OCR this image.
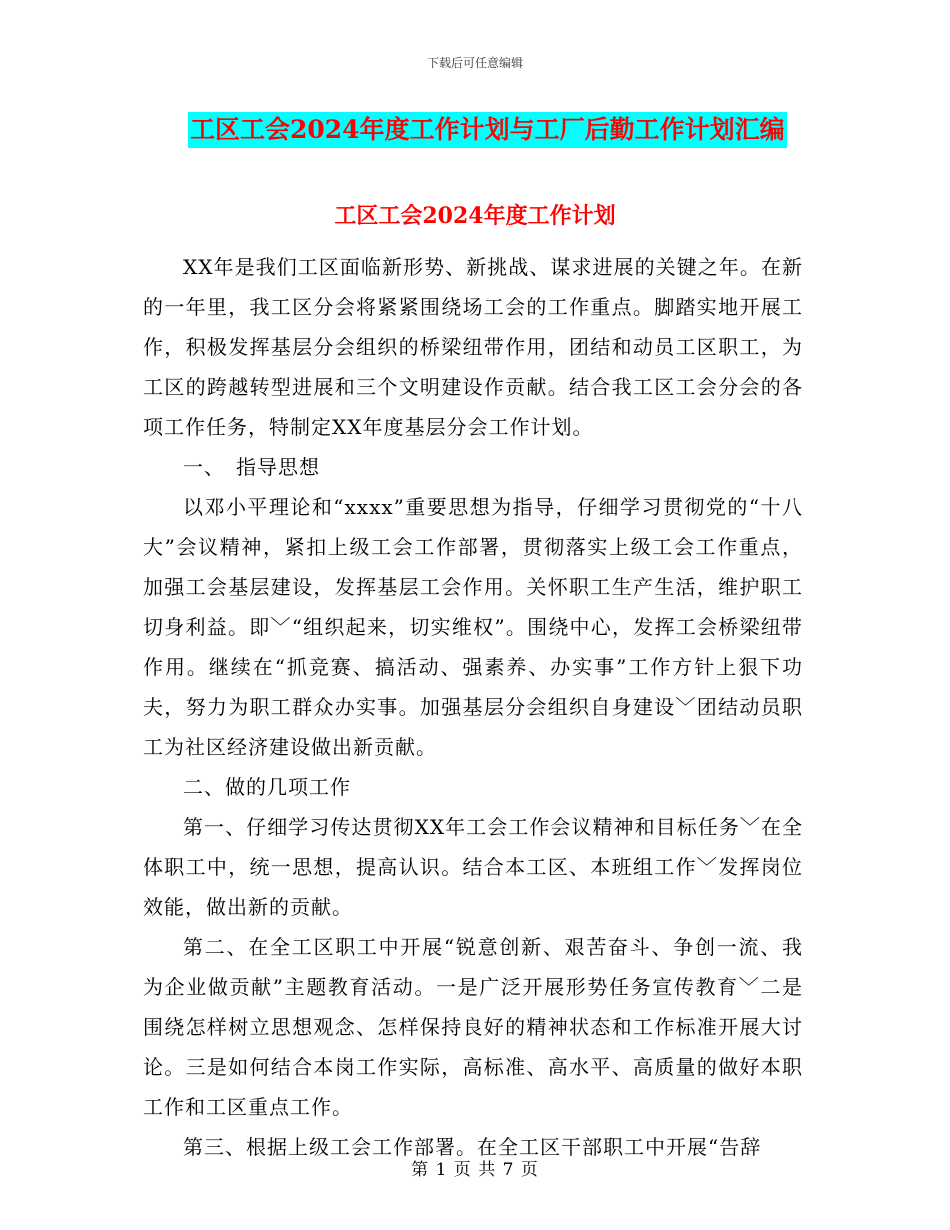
下载后可任意编辑
工区工会2024年度工作计划与工厂后勤工作计划汇编
工区工会2024年度工作计划

XX年是我们工区面临新形势、新挑战、谋求进展的关键之年。在新的一年里，我工区分会将紧紧围绕场工会的工作重点。脚踏实地开展工作，积极发挥基层分会组织的桥梁纽带作用，团结和动员工区职工，为工区的跨越转型进展和三个文明建设作贡献。结合我工区工会分会的各项工作任务，特制定XX年度基层分会工作计划。

一、　指导思想

以邓小平理论和“xxxx”重要思想为指导，仔细学习贯彻党的“十八大”会议精神，紧扣上级工会工作部署，贯彻落实上级工会工作重点，加强工会基层建设，发挥基层工会作用。关怀职工生产生活，维护职工切身利益。即﹀“组织起来，切实维权”。围绕中心，发挥工会桥梁纽带作用。继续在“抓竞赛、搞活动、强素养、办实事”工作方针上狠下功夫，努力为职工群众办实事。加强基层分会组织自身建设﹀团结动员职工为社区经济建设做出新贡献。

二、做的几项工作

第一、仔细学习传达贯彻XX年工会工作会议精神和目标任务﹀在全体职工中，统一思想，提高认识。结合本工区、本班组工作﹀发挥岗位效能，做出新的贡献。

第二、在全工区职工中开展“锐意创新、艰苦奋斗、争创一流、我为企业做贡献”主题教育活动。一是广泛开展形势任务宣传教育﹀二是围绕怎样树立思想观念、怎样保持良好的精神状态和工作标准开展大讨论。三是如何结合本岗工作实际，高标准、高水平、高质量的做好本职工作和工区重点工作。

第三、根据上级工会工作部署。在全工区干部职工中开展“告辞

第 1 页 共 7 页
